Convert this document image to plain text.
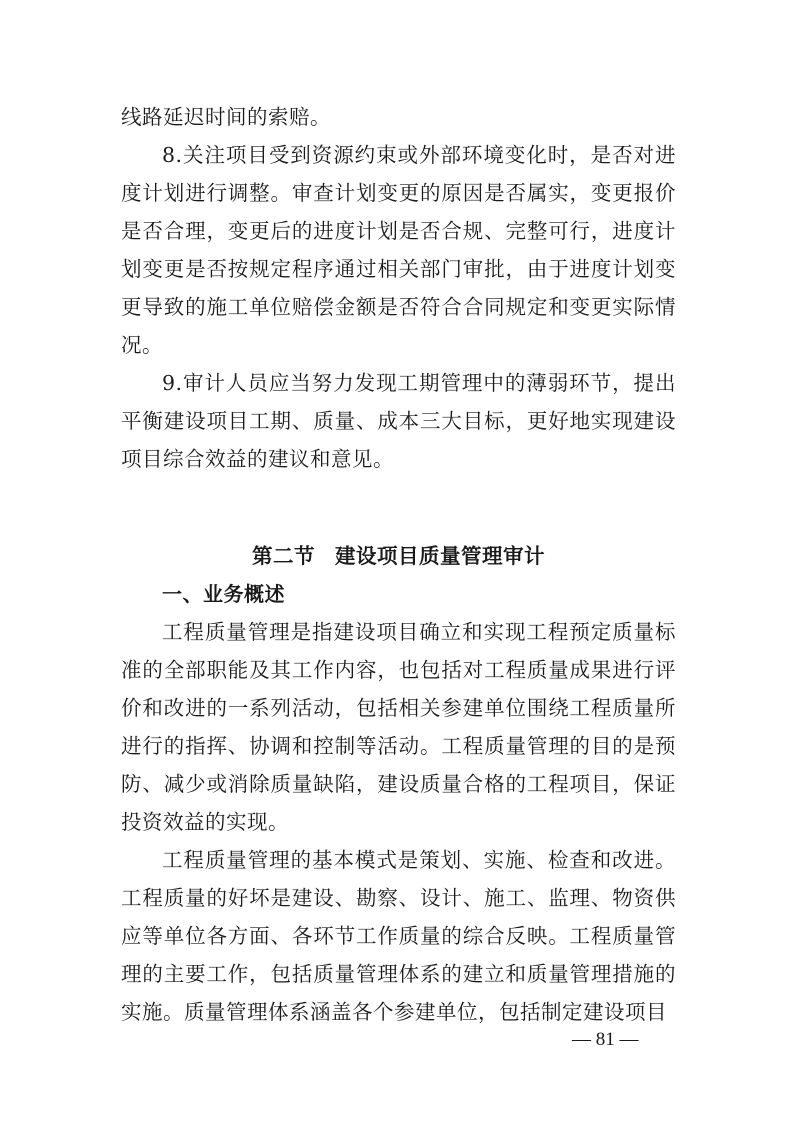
线路延迟时间的索赔。

8.关注项目受到资源约束或外部环境变化时，是否对进度计划进行调整。审查计划变更的原因是否属实，变更报价是否合理，变更后的进度计划是否合规、完整可行，进度计划变更是否按规定程序通过相关部门审批，由于进度计划变更导致的施工单位赔偿金额是否符合合同规定和变更实际情况。

9.审计人员应当努力发现工期管理中的薄弱环节，提出平衡建设项目工期、质量、成本三大目标，更好地实现建设项目综合效益的建议和意见。

第二节 建设项目质量管理审计
一、业务概述

工程质量管理是指建设项目确立和实现工程预定质量标准的全部职能及其工作内容，也包括对工程质量成果进行评价和改进的一系列活动，包括相关参建单位围绕工程质量所进行的指挥、协调和控制等活动。工程质量管理的目的是预防、减少或消除质量缺陷，建设质量合格的工程项目，保证投资效益的实现。

工程质量管理的基本模式是策划、实施、检查和改进。工程质量的好坏是建设、勘察、设计、施工、监理、物资供应等单位各方面、各环节工作质量的综合反映。工程质量管理的主要工作，包括质量管理体系的建立和质量管理措施的实施。质量管理体系涵盖各个参建单位，包括制定建设项目

— 81 —
